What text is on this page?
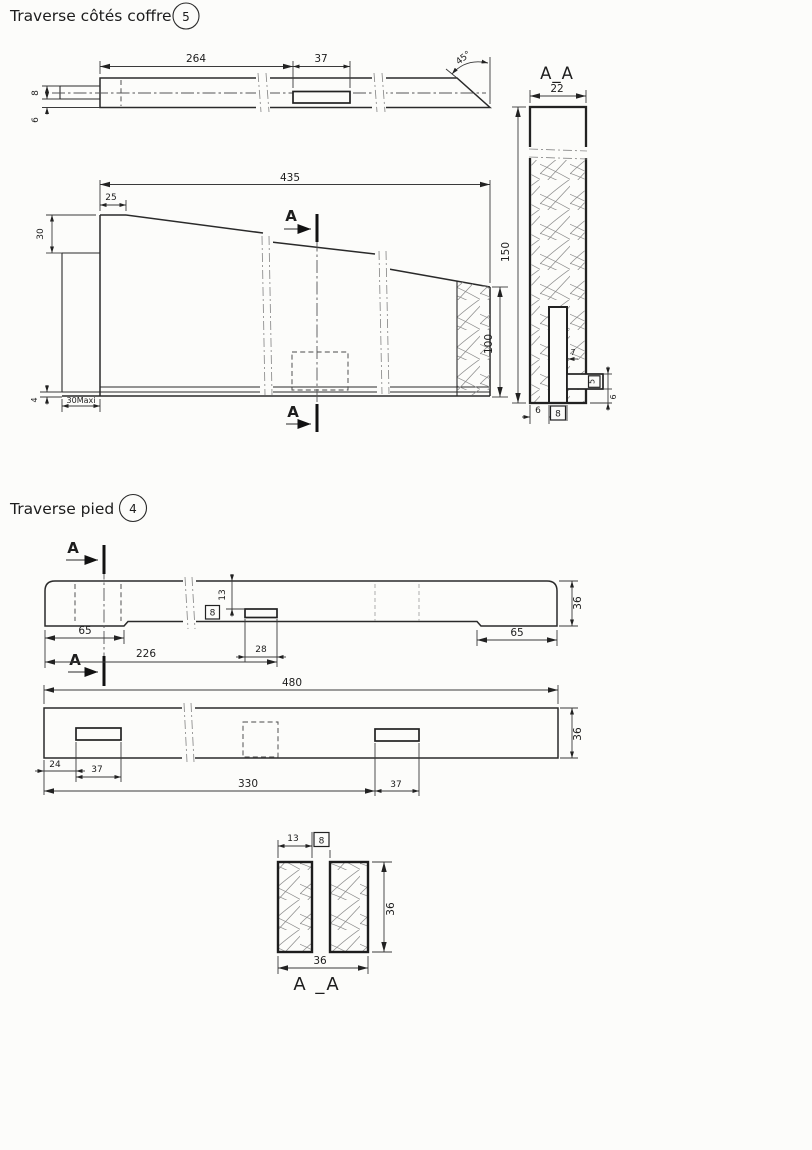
Traverse côtés coffre 5
264	37
8
6
45°
A
A
435
25
30
100
4	30Maxi
A_A
5
22
150
7
6
6 8
Traverse pied 4
A
A
13
8
65
226	28
65
36
480
24	37
330	37
36
13 8
36
36
A _A
